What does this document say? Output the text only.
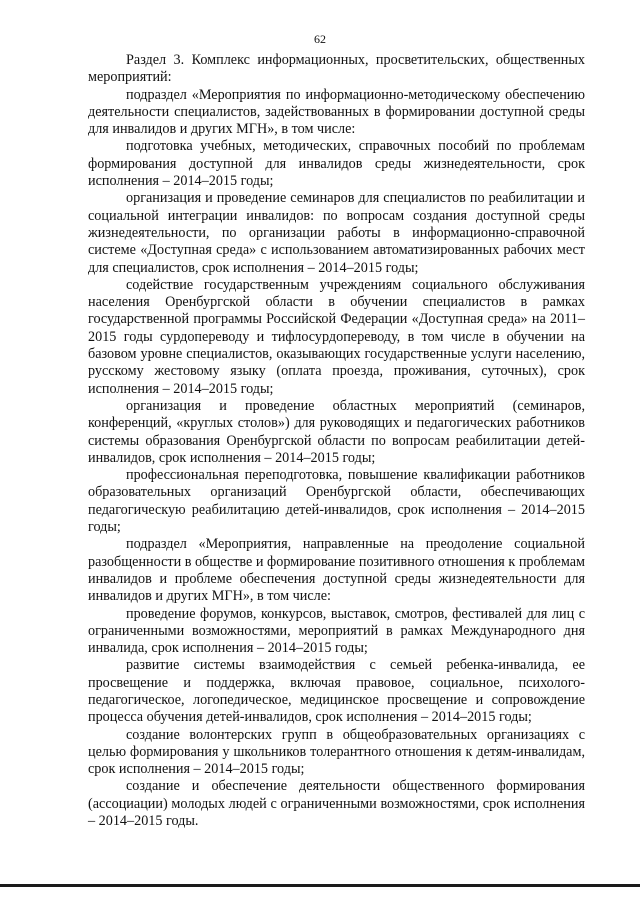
62

Раздел 3. Комплекс информационных, просветительских, общественных мероприятий:

подраздел «Мероприятия по информационно-методическому обеспечению деятельности специалистов, задействованных в формировании доступной среды для инвалидов и других МГН», в том числе:

подготовка учебных, методических, справочных пособий по проблемам формирования доступной для инвалидов среды жизнедеятельности, срок исполнения – 2014–2015 годы;

организация и проведение семинаров для специалистов по реабилитации и социальной интеграции инвалидов: по вопросам создания доступной среды жизнедеятельности, по организации работы в информационно-справочной системе «Доступная среда» с использованием автоматизированных рабочих мест для специалистов, срок исполнения – 2014–2015 годы;

содействие государственным учреждениям социального обслуживания населения Оренбургской области в обучении специалистов в рамках государственной программы Российской Федерации «Доступная среда» на 2011–2015 годы сурдопереводу и тифлосурдопереводу, в том числе в обучении на базовом уровне специалистов, оказывающих государственные услуги населению, русскому жестовому языку (оплата проезда, проживания, суточных), срок исполнения – 2014–2015 годы;

организация и проведение областных мероприятий (семинаров, конференций, «круглых столов») для руководящих и педагогических работников системы образования Оренбургской области по вопросам реабилитации детей-инвалидов, срок исполнения – 2014–2015 годы;

профессиональная переподготовка, повышение квалификации работников образовательных организаций Оренбургской области, обеспечивающих педагогическую реабилитацию детей-инвалидов, срок исполнения – 2014–2015 годы;

подраздел «Мероприятия, направленные на преодоление социальной разобщенности в обществе и формирование позитивного отношения к проблемам инвалидов и проблеме обеспечения доступной среды жизнедеятельности для инвалидов и других МГН», в том числе:

проведение форумов, конкурсов, выставок, смотров, фестивалей для лиц с ограниченными возможностями, мероприятий в рамках Международного дня инвалида, срок исполнения – 2014–2015 годы;

развитие системы взаимодействия с семьей ребенка-инвалида, ее просвещение и поддержка, включая правовое, социальное, психолого-педагогическое, логопедическое, медицинское просвещение и сопровождение процесса обучения детей-инвалидов, срок исполнения – 2014–2015 годы;

создание волонтерских групп в общеобразовательных организациях с целью формирования у школьников толерантного отношения к детям-инвалидам, срок исполнения – 2014–2015 годы;

создание и обеспечение деятельности общественного формирования (ассоциации) молодых людей с ограниченными возможностями, срок исполнения – 2014–2015 годы.
